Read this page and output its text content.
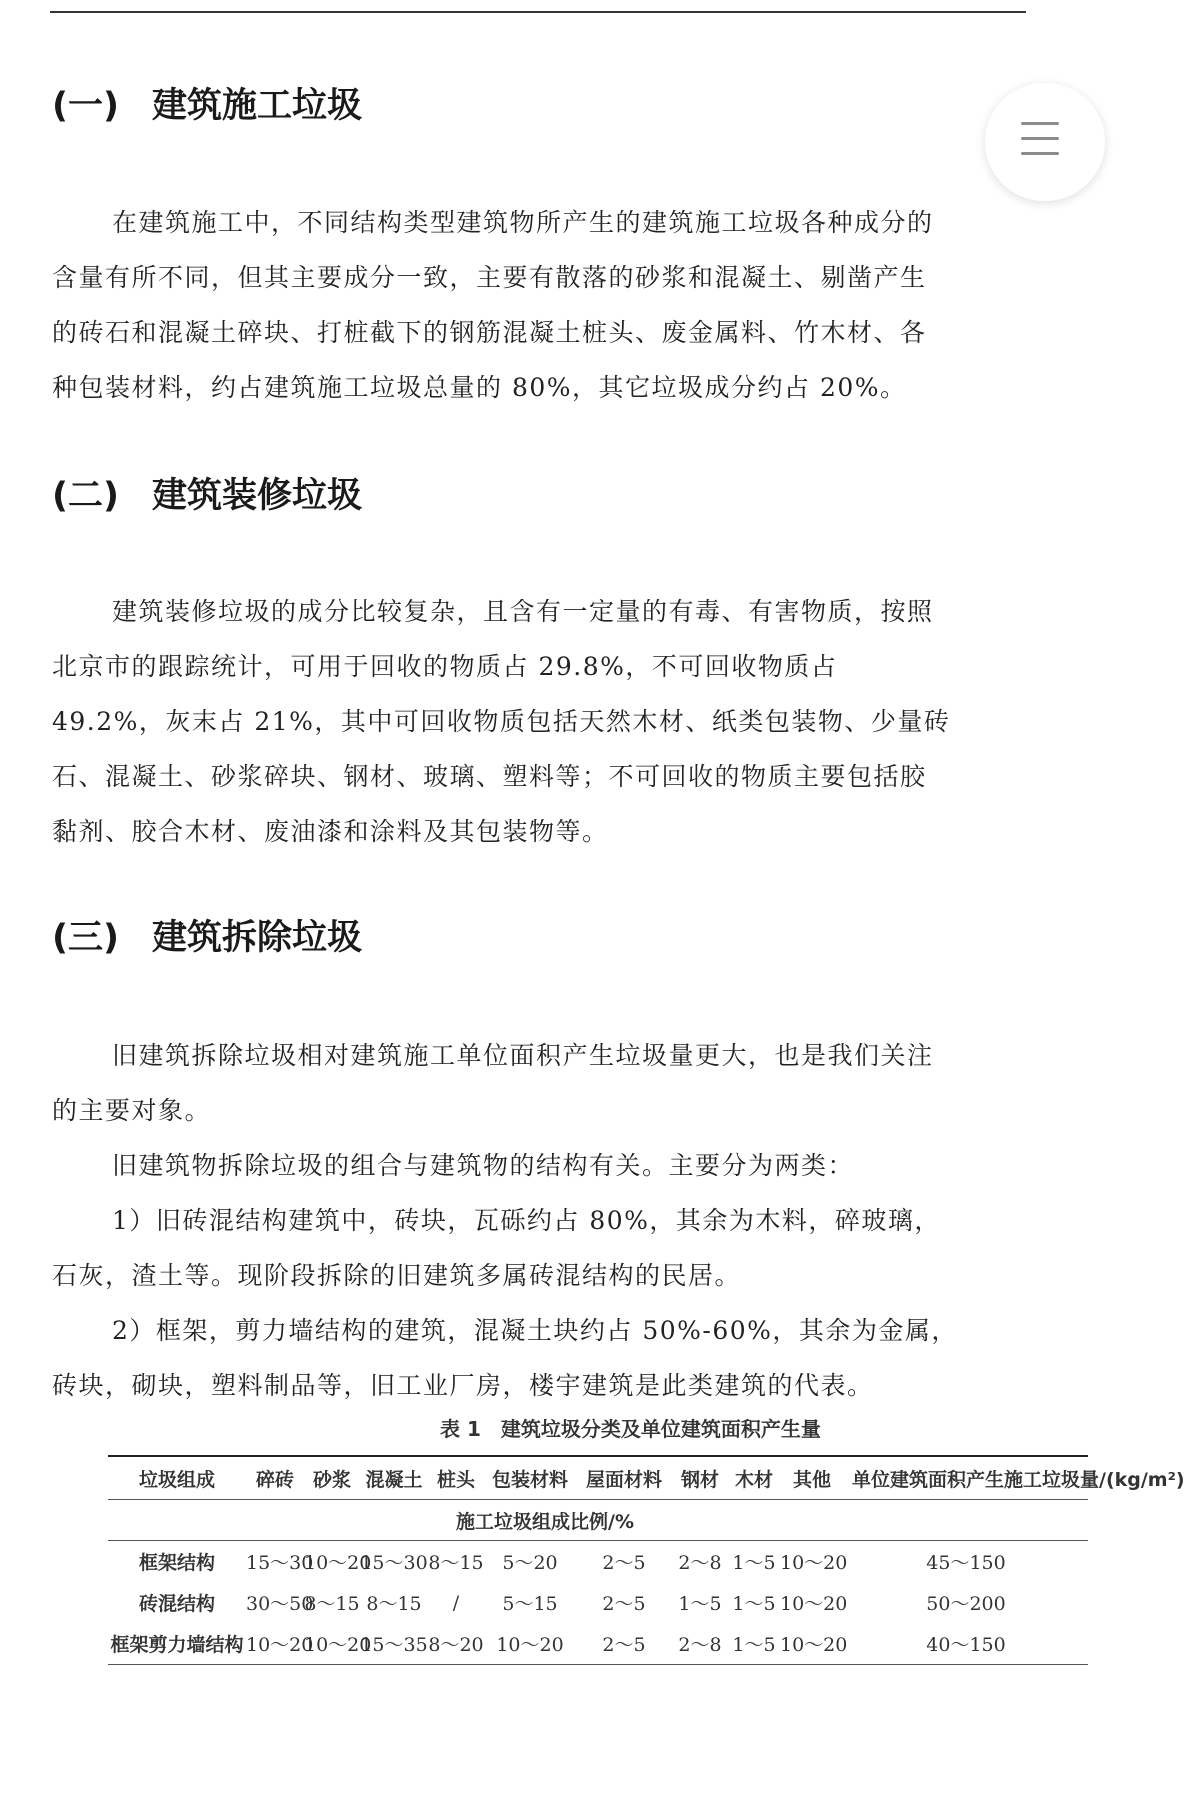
(一) 建筑施工垃圾
在建筑施工中，不同结构类型建筑物所产生的建筑施工垃圾各种成分的
含量有所不同，但其主要成分一致，主要有散落的砂浆和混凝土、剔凿产生
的砖石和混凝土碎块、打桩截下的钢筋混凝土桩头、废金属料、竹木材、各
种包装材料，约占建筑施工垃圾总量的 80%，其它垃圾成分约占 20%。
(二) 建筑装修垃圾
建筑装修垃圾的成分比较复杂，且含有一定量的有毒、有害物质，按照
北京市的跟踪统计，可用于回收的物质占 29.8%，不可回收物质占
49.2%，灰末占 21%，其中可回收物质包括天然木材、纸类包装物、少量砖
石、混凝土、砂浆碎块、钢材、玻璃、塑料等；不可回收的物质主要包括胶
黏剂、胶合木材、废油漆和涂料及其包装物等。
(三) 建筑拆除垃圾
旧建筑拆除垃圾相对建筑施工单位面积产生垃圾量更大，也是我们关注
的主要对象。
旧建筑物拆除垃圾的组合与建筑物的结构有关。主要分为两类：
1）旧砖混结构建筑中，砖块，瓦砾约占 80%，其余为木料，碎玻璃，
石灰，渣土等。现阶段拆除的旧建筑多属砖混结构的民居。
2）框架，剪力墙结构的建筑，混凝土块约占 50%-60%，其余为金属，
砖块，砌块，塑料制品等，旧工业厂房，楼宇建筑是此类建筑的代表。
表 1　建筑垃圾分类及单位建筑面积产生量
垃圾组成	碎砖	砂浆	混凝土	桩头	包装材料	屋面材料	钢材	木材	其他	单位建筑面积产生施工垃圾量/(kg/m²)
	施工垃圾组成比例/%									
框架结构	15～30	10～20	15～30	8～15	5～20	2～5	2～8	1～5	10～20	45～150
砖混结构	30～50	8～15	8～15	/	5～15	2～5	1～5	1～5	10～20	50～200
框架剪力墙结构	10～20	10～20	15～35	8～20	10～20	2～5	2～8	1～5	10～20	40～150
